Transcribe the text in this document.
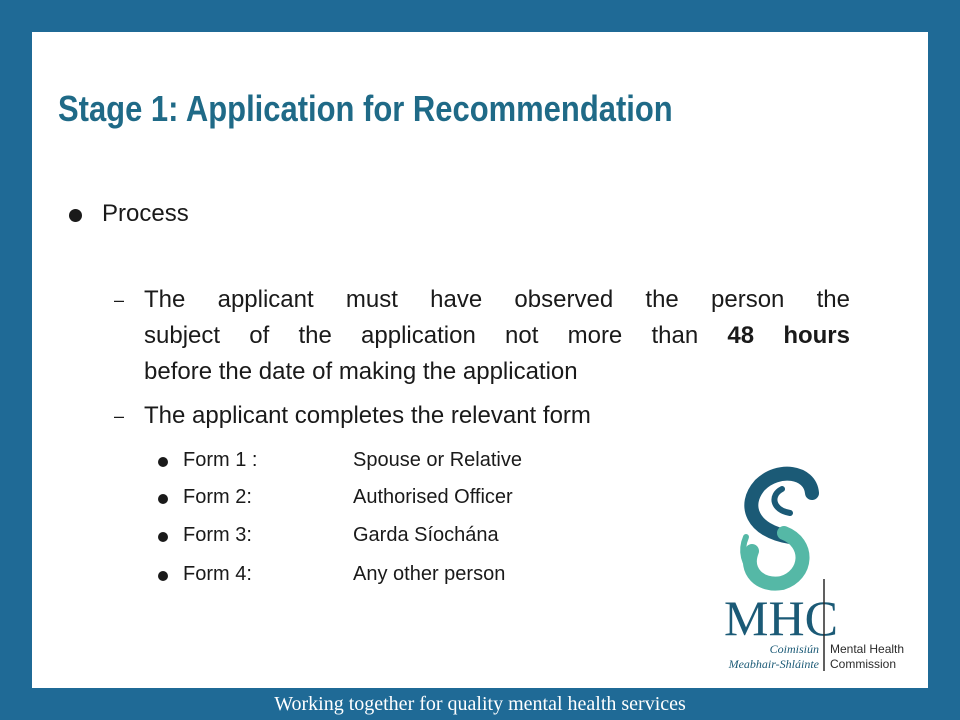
Stage 1: Application for Recommendation
Process
– The applicant must have observed the person the
subject of the application not more than 48 hours
before the date of making the application
– The applicant completes the relevant form
Form 1 :	Spouse or Relative
Form 2:	Authorised Officer
Form 3:	Garda Síochána
Form 4:	Any other person
MHC
Coimisiún
Meabhair-Shláinte
Mental Health
Commission
Working together for quality mental health services
